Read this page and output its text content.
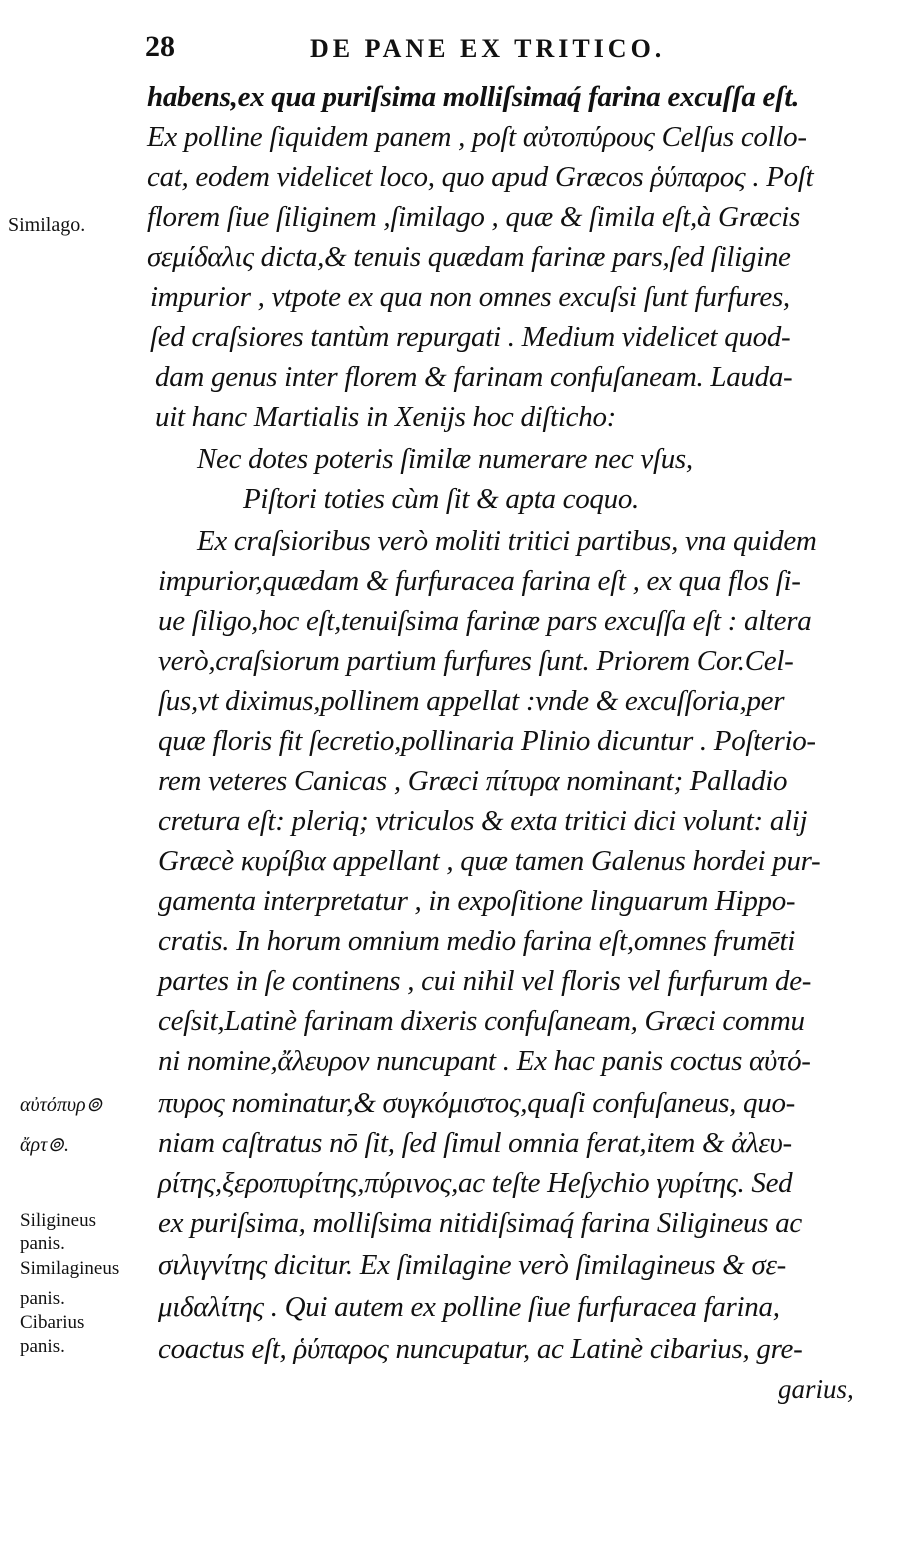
28	DE PANE EX TRITICO.
habens,ex qua puriſsima molliſsimaq́ farina excuſſa eſt.
Ex polline ſiquidem panem , poſt αὐτοπύρους Celſus collo-
cat, eodem videlicet loco, quo apud Græcos ῥύπαρος . Poſt
florem ſiue ſiliginem ,ſimilago , quæ & ſimila eſt,à Græcis
σεμίδαλις dicta,& tenuis quædam farinæ pars,ſed ſiligine
impurior , vtpote ex qua non omnes excuſsi ſunt furfures,
ſed craſsiores tantùm repurgati . Medium videlicet quod-
dam genus inter florem & farinam confuſaneam. Lauda-
uit hanc Martialis in Xenijs hoc diſticho:
Nec dotes poteris ſimilæ numerare nec vſus,
Piſtori toties cùm ſit & apta coquo.
Ex craſsioribus verò moliti tritici partibus, vna quidem
impurior,quædam & furfuracea farina eſt , ex qua flos ſi-
ue ſiligo,hoc eſt,tenuiſsima farinæ pars excuſſa eſt : altera
verò,craſsiorum partium furfures ſunt. Priorem Cor.Cel-
ſus,vt diximus,pollinem appellat :vnde & excuſſoria,per
quæ floris fit ſecretio,pollinaria Plinio dicuntur . Poſterio-
rem veteres Canicas , Græci πίτυρα nominant; Palladio
cretura eſt: pleriq; vtriculos & exta tritici dici volunt: alij
Græcè κυρίβια appellant , quæ tamen Galenus hordei pur-
gamenta interpretatur , in expoſitione linguarum Hippo-
cratis. In horum omnium medio farina eſt,omnes frumēti
partes in ſe continens , cui nihil vel floris vel furfurum de-
ceſsit,Latinè farinam dixeris confuſaneam, Græci commu
ni nomine,ἄλευρον nuncupant . Ex hac panis coctus αὐτό-
πυρος nominatur,& συγκόμιστος,quaſi confuſaneus, quo-
niam caſtratus nō ſit, ſed ſimul omnia ferat,item & ἀλευ-
ρίτης,ξεροπυρίτης,πύρινος,ac teſte Heſychio γυρίτης. Sed
ex puriſsima, molliſsima nitidiſsimaq́ farina Siligineus ac
σιλιγνίτης dicitur. Ex ſimilagine verò ſimilagineus & σε-
μιδαλίτης . Qui autem ex polline ſiue furfuracea farina,
coactus eſt, ῥύπαρος nuncupatur, ac Latinè cibarius, gre-
garius,
Similago.
αὐτόπυρ⊚
ἄρτ⊚.
Siligineus
panis.
Similagineus
panis.
Cibarius
panis.
